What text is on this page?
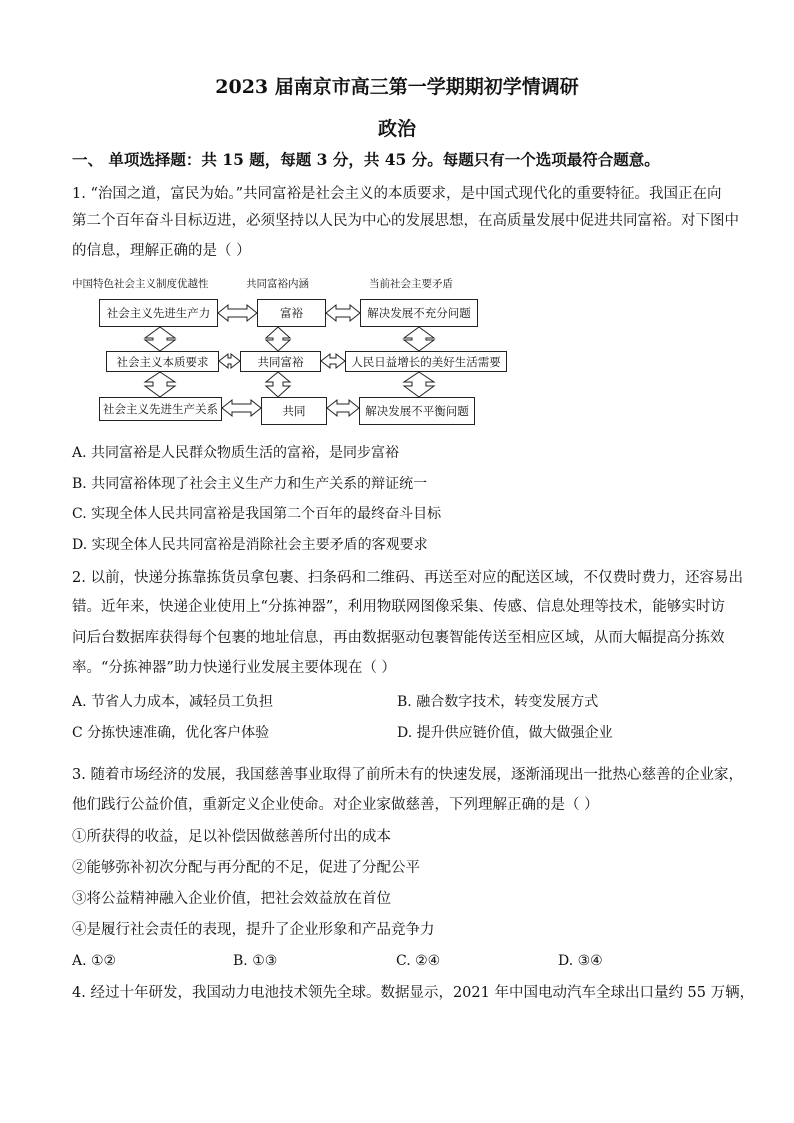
2023 届南京市高三第一学期期初学情调研
政治
一、 单项选择题：共 15 题，每题 3 分，共 45 分。每题只有一个选项最符合题意。
1. “治国之道，富民为始。”共同富裕是社会主义的本质要求，是中国式现代化的重要特征。我国正在向
第二个百年奋斗目标迈进，必须坚持以人民为中心的发展思想，在高质量发展中促进共同富裕。对下图中
的信息，理解正确的是（ ）
中国特色社会主义制度优越性	共同富裕内涵	当前社会主要矛盾
社会主义先进生产力
社会主义本质要求
社会主义先进生产关系
富裕
共同富裕
共同
解决发展不充分问题
人民日益增长的美好生活需要
解决发展不平衡问题
A. 共同富裕是人民群众物质生活的富裕，是同步富裕
B. 共同富裕体现了社会主义生产力和生产关系的辩证统一
C. 实现全体人民共同富裕是我国第二个百年的最终奋斗目标
D. 实现全体人民共同富裕是消除社会主要矛盾的客观要求
2. 以前，快递分拣靠拣货员拿包裹、扫条码和二维码、再送至对应的配送区域，不仅费时费力，还容易出
错。近年来，快递企业使用上“分拣神器”，利用物联网图像采集、传感、信息处理等技术，能够实时访
问后台数据库获得每个包裹的地址信息，再由数据驱动包裹智能传送至相应区域，从而大幅提高分拣效
率。“分拣神器”助力快递行业发展主要体现在（ ）
A. 节省人力成本，减轻员工负担	B. 融合数字技术，转变发展方式
C 分拣快速准确，优化客户体验	D. 提升供应链价值，做大做强企业
3. 随着市场经济的发展，我国慈善事业取得了前所未有的快速发展，逐渐涌现出一批热心慈善的企业家，
他们践行公益价值，重新定义企业使命。对企业家做慈善，下列理解正确的是（ ）
①所获得的收益，足以补偿因做慈善所付出的成本
②能够弥补初次分配与再分配的不足，促进了分配公平
③将公益精神融入企业价值，把社会效益放在首位
④是履行社会责任的表现，提升了企业形象和产品竞争力
A. ①②	B. ①③	C. ②④	D. ③④
4. 经过十年研发，我国动力电池技术领先全球。数据显示，2021 年中国电动汽车全球出口量约 55 万辆，
